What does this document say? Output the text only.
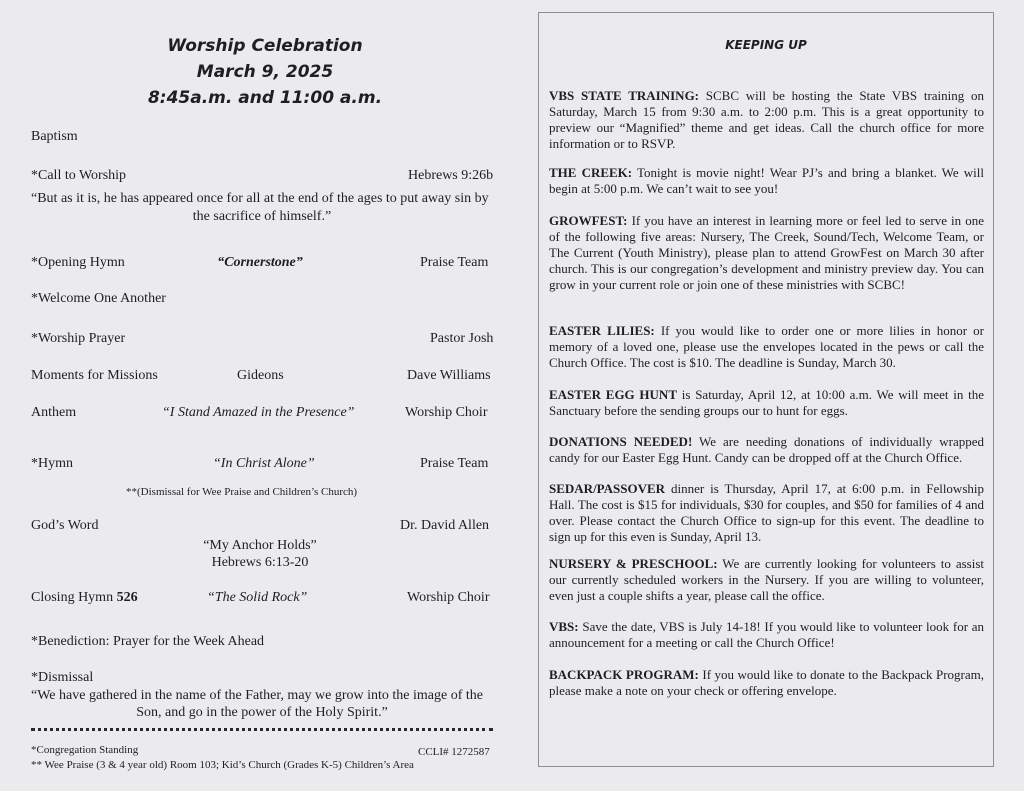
Worship Celebration
March 9, 2025
8:45a.m. and 11:00 a.m.
Baptism
*Call to Worship	Hebrews 9:26b
“But as it is, he has appeared once for all at the end of the ages to put away sin by
the sacrifice of himself.”
*Opening Hymn	“Cornerstone”	Praise Team
*Welcome One Another
*Worship Prayer	Pastor Josh
Moments for Missions	Gideons	Dave Williams
Anthem	“I Stand Amazed in the Presence”	Worship Choir
*Hymn	“In Christ Alone”	Praise Team
**(Dismissal for Wee Praise and Children’s Church)
God’s Word	Dr. David Allen
“My Anchor Holds”
Hebrews 6:13-20
Closing Hymn 526	“The Solid Rock”	Worship Choir
*Benediction: Prayer for the Week Ahead
*Dismissal
“We have gathered in the name of the Father, may we grow into the image of the
Son, and go in the power of the Holy Spirit.”
*Congregation Standing	CCLI# 1272587
** Wee Praise (3 & 4 year old) Room 103; Kid’s Church (Grades K-5) Children’s Area
KEEPING UP
VBS STATE TRAINING: SCBC will be hosting the State VBS training on Saturday, March 15 from 9:30 a.m. to 2:00 p.m. This is a great opportunity to preview our “Magnified” theme and get ideas. Call the church office for more information or to RSVP.
THE CREEK: Tonight is movie night! Wear PJ’s and bring a blanket. We will begin at 5:00 p.m. We can’t wait to see you!
GROWFEST: If you have an interest in learning more or feel led to serve in one of the following five areas: Nursery, The Creek, Sound/Tech, Welcome Team, or The Current (Youth Ministry), please plan to attend GrowFest on March 30 after church. This is our congregation’s development and ministry preview day. You can grow in your current role or join one of these ministries with SCBC!
EASTER LILIES: If you would like to order one or more lilies in honor or memory of a loved one, please use the envelopes located in the pews or call the Church Office. The cost is $10. The deadline is Sunday, March 30.
EASTER EGG HUNT is Saturday, April 12, at 10:00 a.m. We will meet in the Sanctuary before the sending groups our to hunt for eggs.
DONATIONS NEEDED! We are needing donations of individually wrapped candy for our Easter Egg Hunt. Candy can be dropped off at the Church Office.
SEDAR/PASSOVER dinner is Thursday, April 17, at 6:00 p.m. in Fellowship Hall. The cost is $15 for individuals, $30 for couples, and $50 for families of 4 and over. Please contact the Church Office to sign-up for this event. The deadline to sign up for this even is Sunday, April 13.
NURSERY & PRESCHOOL: We are currently looking for volunteers to assist our currently scheduled workers in the Nursery. If you are willing to volunteer, even just a couple shifts a year, please call the office.
VBS: Save the date, VBS is July 14-18! If you would like to volunteer look for an announcement for a meeting or call the Church Office!
BACKPACK PROGRAM: If you would like to donate to the Backpack Program, please make a note on your check or offering envelope.
